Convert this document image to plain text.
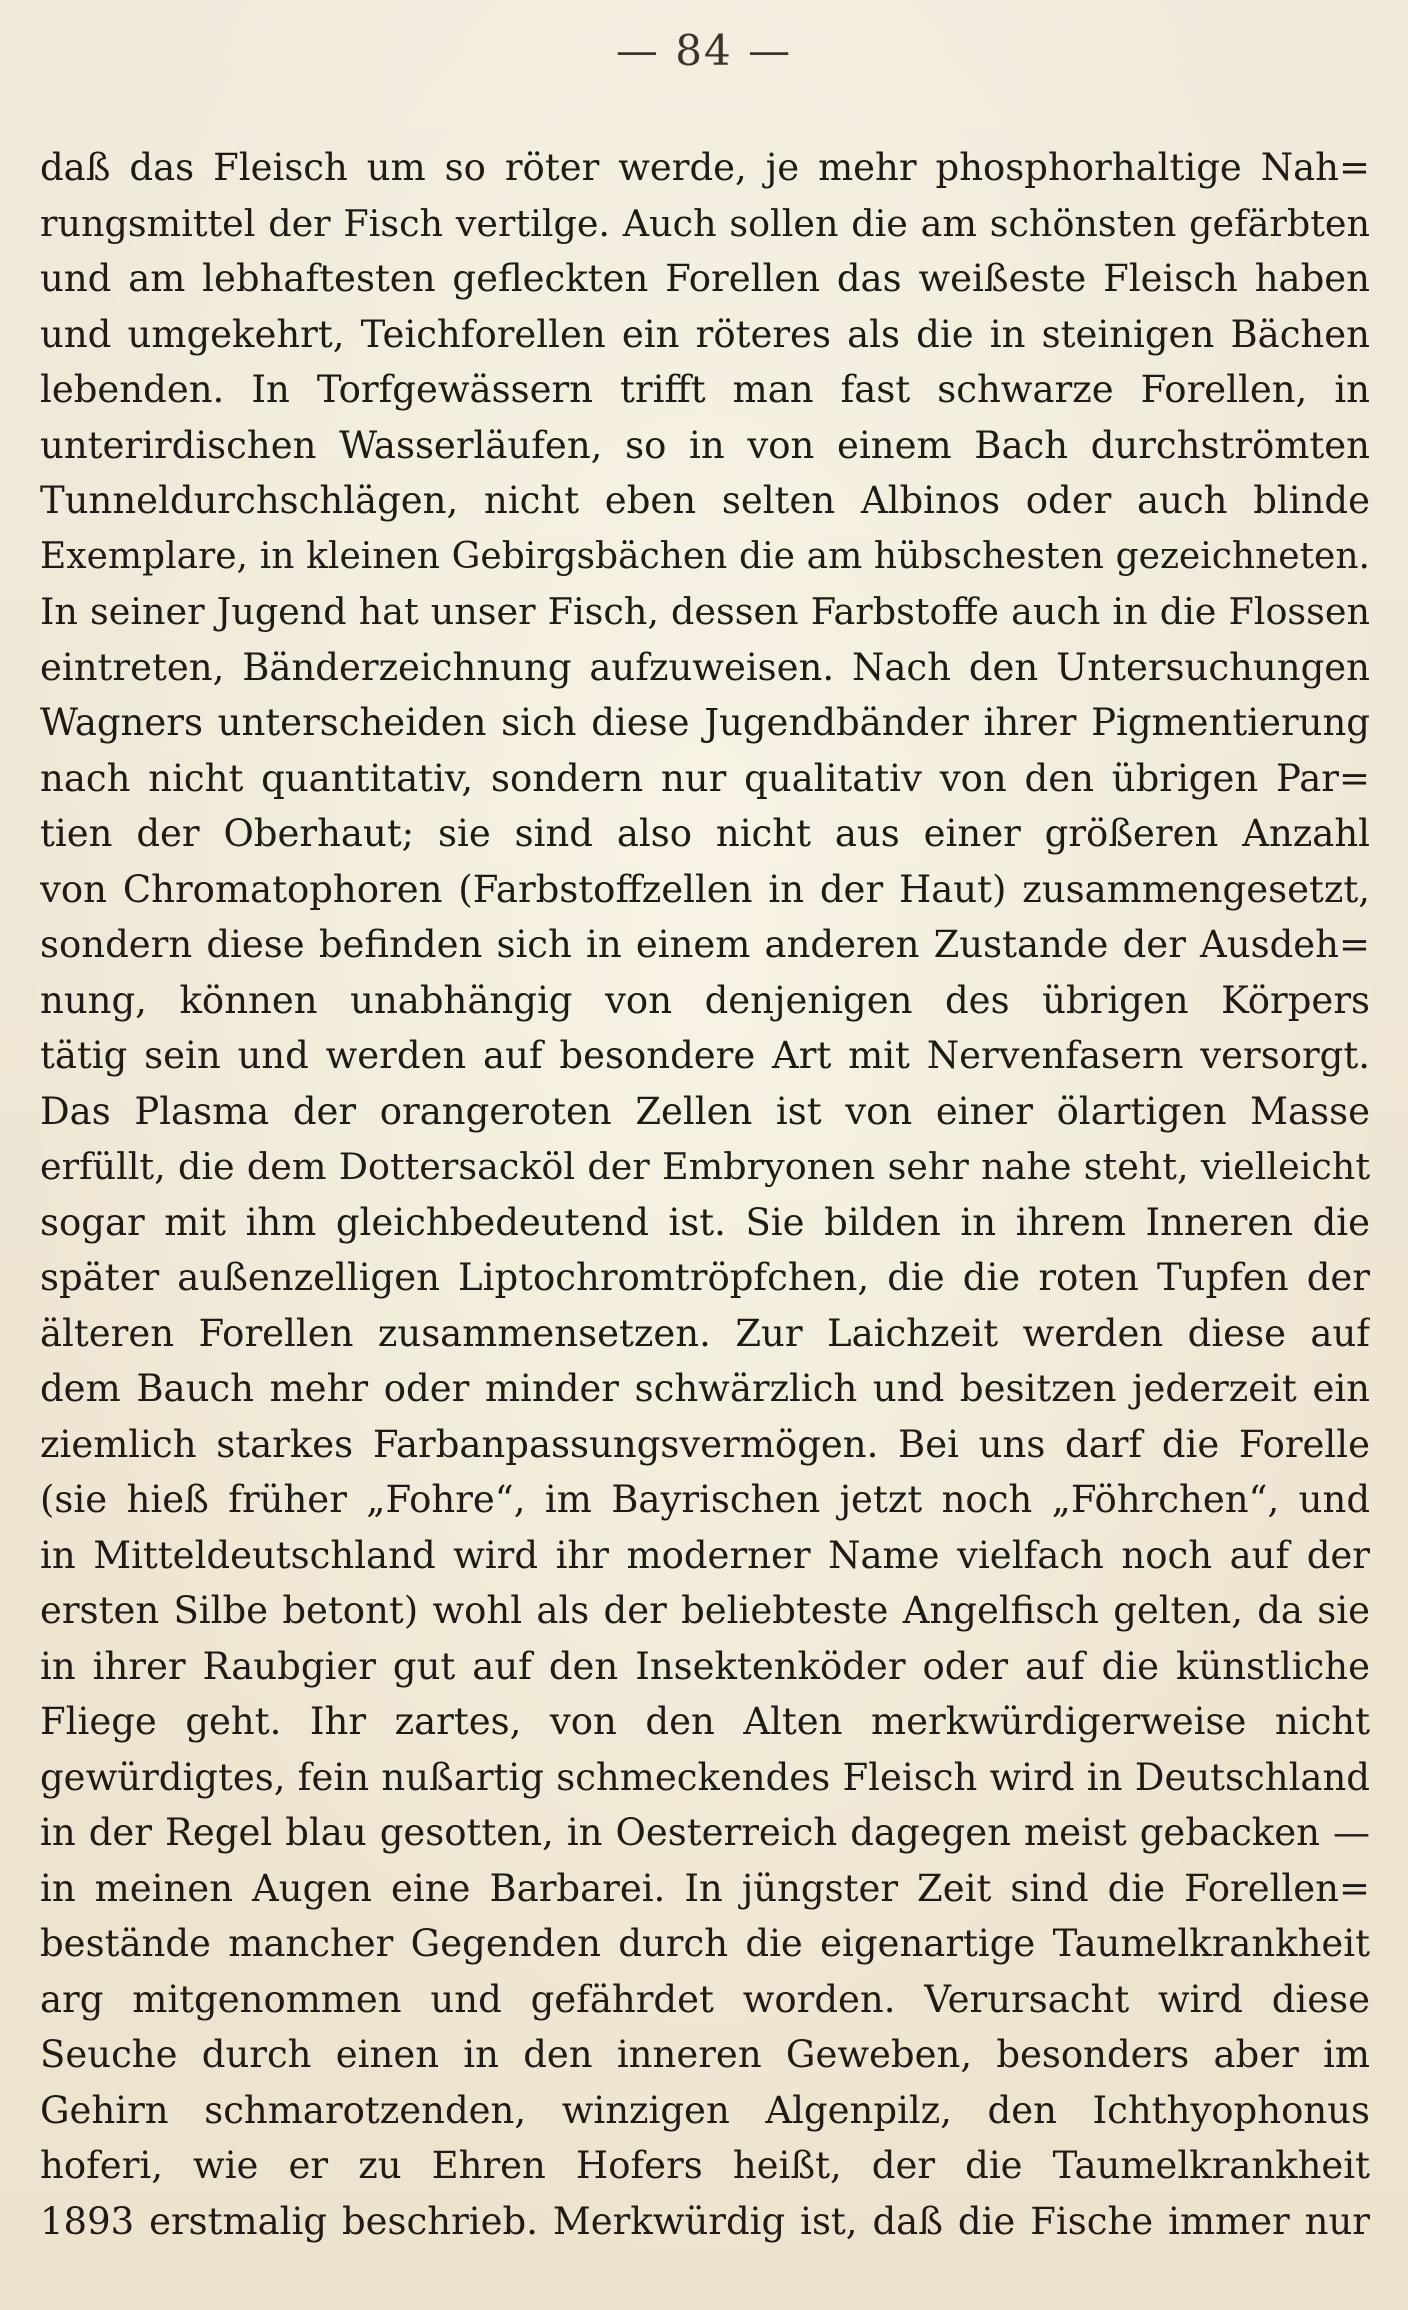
— 84 —
daß das Fleisch um so röter werde, je mehr phosphorhaltige Nah=
rungsmittel der Fisch vertilge. Auch sollen die am schönsten gefärbten
und am lebhaftesten gefleckten Forellen das weißeste Fleisch haben
und umgekehrt, Teichforellen ein röteres als die in steinigen Bächen
lebenden. In Torfgewässern trifft man fast schwarze Forellen, in
unterirdischen Wasserläufen, so in von einem Bach durchströmten
Tunneldurchschlägen, nicht eben selten Albinos oder auch blinde
Exemplare, in kleinen Gebirgsbächen die am hübschesten gezeichneten.
In seiner Jugend hat unser Fisch, dessen Farbstoffe auch in die Flossen
eintreten, Bänderzeichnung aufzuweisen. Nach den Untersuchungen
Wagners unterscheiden sich diese Jugendbänder ihrer Pigmentierung
nach nicht quantitativ, sondern nur qualitativ von den übrigen Par=
tien der Oberhaut; sie sind also nicht aus einer größeren Anzahl
von Chromatophoren (Farbstoffzellen in der Haut) zusammengesetzt,
sondern diese befinden sich in einem anderen Zustande der Ausdeh=
nung, können unabhängig von denjenigen des übrigen Körpers
tätig sein und werden auf besondere Art mit Nervenfasern versorgt.
Das Plasma der orangeroten Zellen ist von einer ölartigen Masse
erfüllt, die dem Dottersacköl der Embryonen sehr nahe steht, vielleicht
sogar mit ihm gleichbedeutend ist. Sie bilden in ihrem Inneren die
später außenzelligen Liptochromtröpfchen, die die roten Tupfen der
älteren Forellen zusammensetzen. Zur Laichzeit werden diese auf
dem Bauch mehr oder minder schwärzlich und besitzen jederzeit ein
ziemlich starkes Farbanpassungsvermögen. Bei uns darf die Forelle
(sie hieß früher „Fohre“, im Bayrischen jetzt noch „Föhrchen“, und
in Mitteldeutschland wird ihr moderner Name vielfach noch auf der
ersten Silbe betont) wohl als der beliebteste Angelfisch gelten, da sie
in ihrer Raubgier gut auf den Insektenköder oder auf die künstliche
Fliege geht. Ihr zartes, von den Alten merkwürdigerweise nicht
gewürdigtes, fein nußartig schmeckendes Fleisch wird in Deutschland
in der Regel blau gesotten, in Oesterreich dagegen meist gebacken —
in meinen Augen eine Barbarei. In jüngster Zeit sind die Forellen=
bestände mancher Gegenden durch die eigenartige Taumelkrankheit
arg mitgenommen und gefährdet worden. Verursacht wird diese
Seuche durch einen in den inneren Geweben, besonders aber im
Gehirn schmarotzenden, winzigen Algenpilz, den Ichthyophonus
hoferi, wie er zu Ehren Hofers heißt, der die Taumelkrankheit
1893 erstmalig beschrieb. Merkwürdig ist, daß die Fische immer nur
